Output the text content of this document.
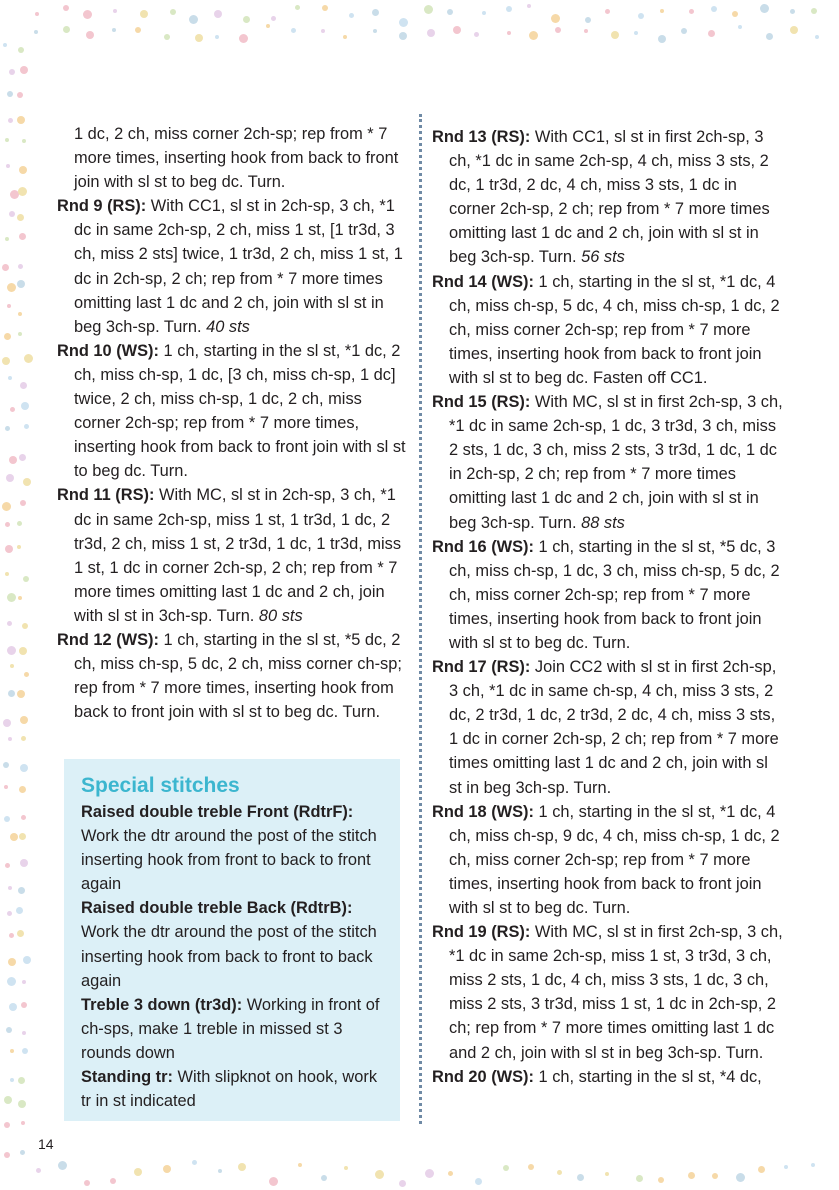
1 dc, 2 ch, miss corner 2ch-sp; rep from * 7 more times, inserting hook from back to front join with sl st to beg dc. Turn.

Rnd 9 (RS): With CC1, sl st in 2ch-sp, 3 ch, *1 dc in same 2ch-sp, 2 ch, miss 1 st, [1 tr3d, 3 ch, miss 2 sts] twice, 1 tr3d, 2 ch, miss 1 st, 1 dc in 2ch-sp, 2 ch; rep from * 7 more times omitting last 1 dc and 2 ch, join with sl st in beg 3ch-sp. Turn. 40 sts

Rnd 10 (WS): 1 ch, starting in the sl st, *1 dc, 2 ch, miss ch-sp, 1 dc, [3 ch, miss ch-sp, 1 dc] twice, 2 ch, miss ch-sp, 1 dc, 2 ch, miss corner 2ch-sp; rep from * 7 more times, inserting hook from back to front join with sl st to beg dc. Turn.

Rnd 11 (RS): With MC, sl st in 2ch-sp, 3 ch, *1 dc in same 2ch-sp, miss 1 st, 1 tr3d, 1 dc, 2 tr3d, 2 ch, miss 1 st, 2 tr3d, 1 dc, 1 tr3d, miss 1 st, 1 dc in corner 2ch-sp, 2 ch; rep from * 7 more times omitting last 1 dc and 2 ch, join with sl st in 3ch-sp. Turn. 80 sts

Rnd 12 (WS): 1 ch, starting in the sl st, *5 dc, 2 ch, miss ch-sp, 5 dc, 2 ch, miss corner ch-sp; rep from * 7 more times, inserting hook from back to front join with sl st to beg dc. Turn.

Special stitches

Raised double treble Front (RdtrF): Work the dtr around the post of the stitch inserting hook from front to back to front again

Raised double treble Back (RdtrB): Work the dtr around the post of the stitch inserting hook from back to front to back again

Treble 3 down (tr3d): Working in front of ch-sps, make 1 treble in missed st 3 rounds down

Standing tr: With slipknot on hook, work tr in st indicated

Rnd 13 (RS): With CC1, sl st in first 2ch-sp, 3 ch, *1 dc in same 2ch-sp, 4 ch, miss 3 sts, 2 dc, 1 tr3d, 2 dc, 4 ch, miss 3 sts, 1 dc in corner 2ch-sp, 2 ch; rep from * 7 more times omitting last 1 dc and 2 ch, join with sl st in beg 3ch-sp. Turn. 56 sts

Rnd 14 (WS): 1 ch, starting in the sl st, *1 dc, 4 ch, miss ch-sp, 5 dc, 4 ch, miss ch-sp, 1 dc, 2 ch, miss corner 2ch-sp; rep from * 7 more times, inserting hook from back to front join with sl st to beg dc. Fasten off CC1.

Rnd 15 (RS): With MC, sl st in first 2ch-sp, 3 ch, *1 dc in same 2ch-sp, 1 dc, 3 tr3d, 3 ch, miss 2 sts, 1 dc, 3 ch, miss 2 sts, 3 tr3d, 1 dc, 1 dc in 2ch-sp, 2 ch; rep from * 7 more times omitting last 1 dc and 2 ch, join with sl st in beg 3ch-sp. Turn. 88 sts

Rnd 16 (WS): 1 ch, starting in the sl st, *5 dc, 3 ch, miss ch-sp, 1 dc, 3 ch, miss ch-sp, 5 dc, 2 ch, miss corner 2ch-sp; rep from * 7 more times, inserting hook from back to front join with sl st to beg dc. Turn.

Rnd 17 (RS): Join CC2 with sl st in first 2ch-sp, 3 ch, *1 dc in same ch-sp, 4 ch, miss 3 sts, 2 dc, 2 tr3d, 1 dc, 2 tr3d, 2 dc, 4 ch, miss 3 sts, 1 dc in corner 2ch-sp, 2 ch; rep from * 7 more times omitting last 1 dc and 2 ch, join with sl st in beg 3ch-sp. Turn.

Rnd 18 (WS): 1 ch, starting in the sl st, *1 dc, 4 ch, miss ch-sp, 9 dc, 4 ch, miss ch-sp, 1 dc, 2 ch, miss corner 2ch-sp; rep from * 7 more times, inserting hook from back to front join with sl st to beg dc. Turn.

Rnd 19 (RS): With MC, sl st in first 2ch-sp, 3 ch, *1 dc in same 2ch-sp, miss 1 st, 3 tr3d, 3 ch, miss 2 sts, 1 dc, 4 ch, miss 3 sts, 1 dc, 3 ch, miss 2 sts, 3 tr3d, miss 1 st, 1 dc in 2ch-sp, 2 ch; rep from * 7 more times omitting last 1 dc and 2 ch, join with sl st in beg 3ch-sp. Turn.

Rnd 20 (WS): 1 ch, starting in the sl st, *4 dc,

14
